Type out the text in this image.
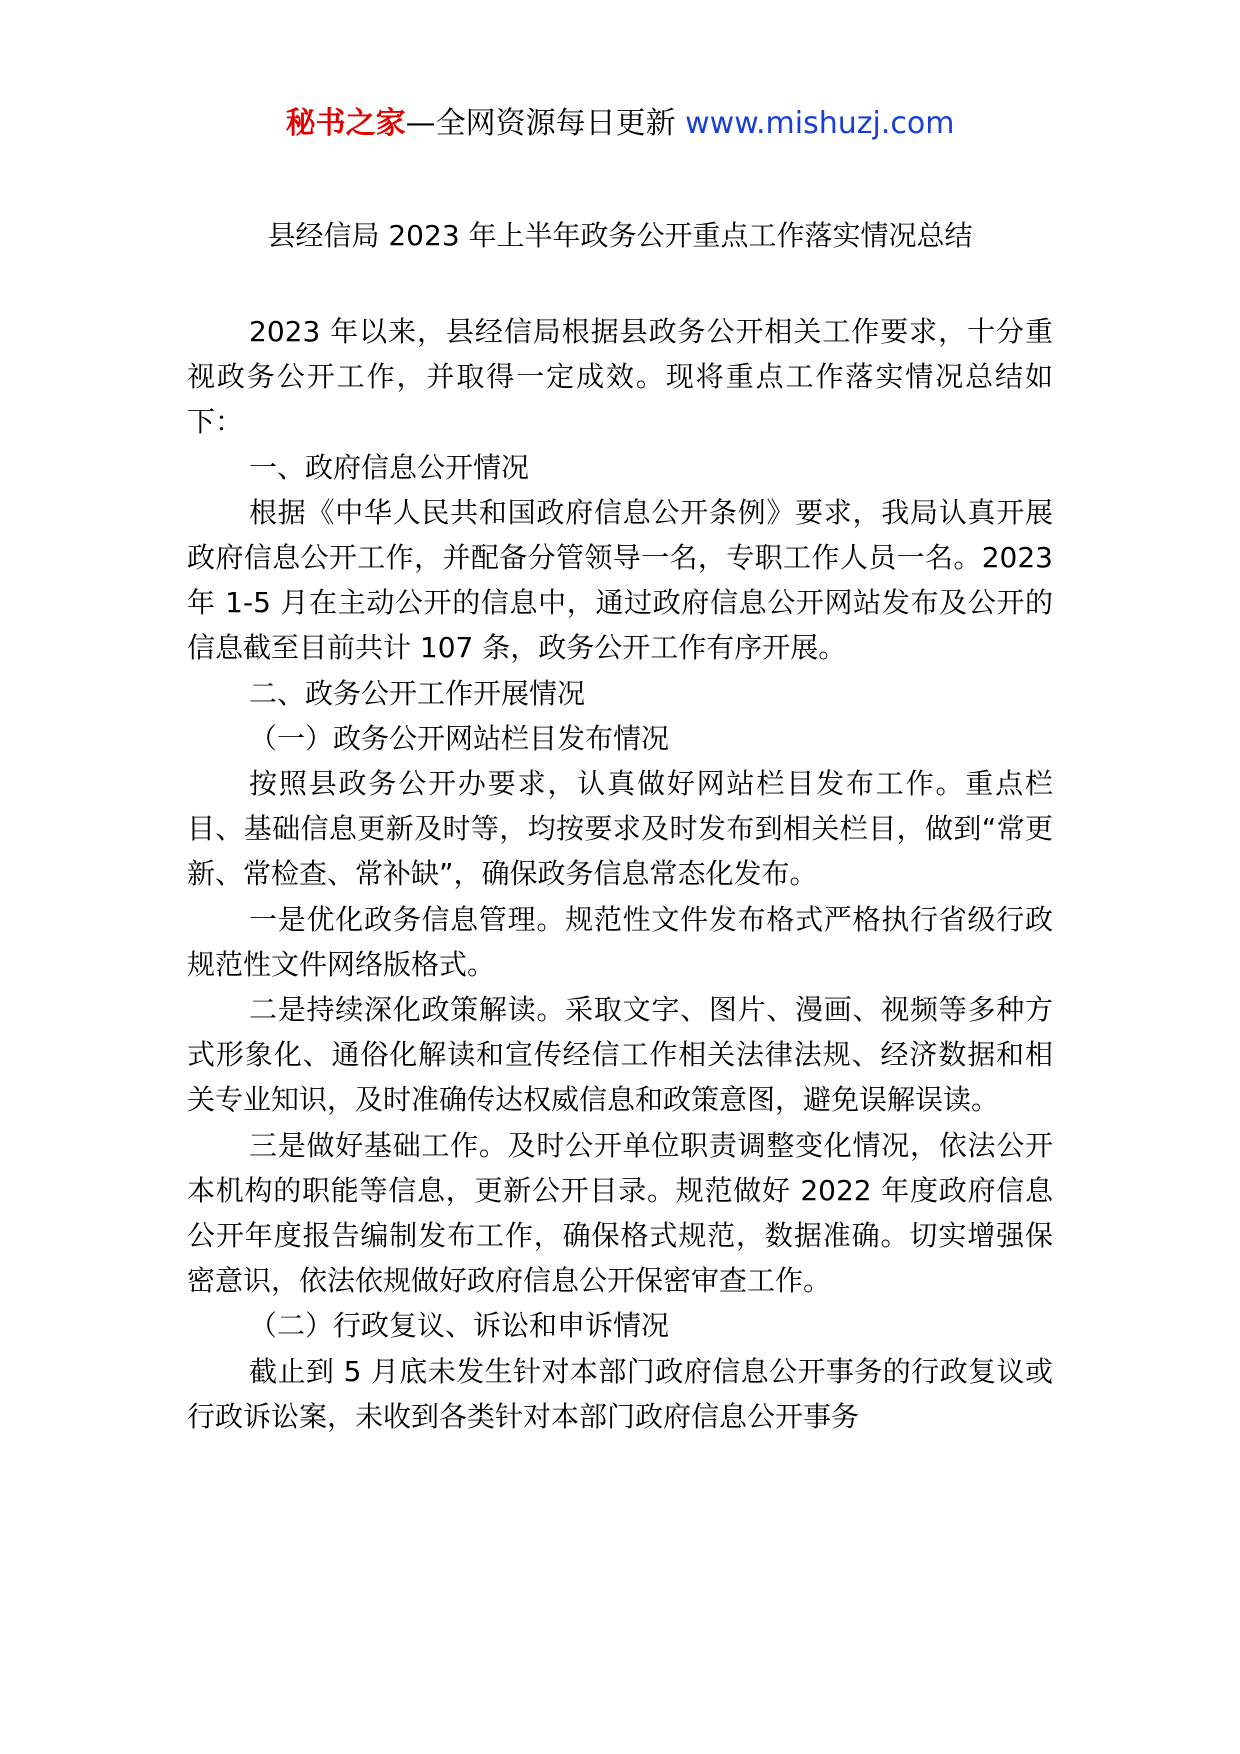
秘书之家—全网资源每日更新 www.mishuzj.com
县经信局 2023 年上半年政务公开重点工作落实情况总结

2023 年以来，县经信局根据县政务公开相关工作要求，十分重视政务公开工作，并取得一定成效。现将重点工作落实情况总结如下：

一、政府信息公开情况

根据《中华人民共和国政府信息公开条例》要求，我局认真开展政府信息公开工作，并配备分管领导一名，专职工作人员一名。2023 年 1-5 月在主动公开的信息中，通过政府信息公开网站发布及公开的信息截至目前共计 107 条，政务公开工作有序开展。

二、政务公开工作开展情况

（一）政务公开网站栏目发布情况

按照县政务公开办要求，认真做好网站栏目发布工作。重点栏目、基础信息更新及时等，均按要求及时发布到相关栏目，做到“常更新、常检查、常补缺”，确保政务信息常态化发布。

一是优化政务信息管理。规范性文件发布格式严格执行省级行政规范性文件网络版格式。

二是持续深化政策解读。采取文字、图片、漫画、视频等多种方式形象化、通俗化解读和宣传经信工作相关法律法规、经济数据和相关专业知识，及时准确传达权威信息和政策意图，避免误解误读。

三是做好基础工作。及时公开单位职责调整变化情况，依法公开本机构的职能等信息，更新公开目录。规范做好 2022 年度政府信息公开年度报告编制发布工作，确保格式规范，数据准确。切实增强保密意识，依法依规做好政府信息公开保密审查工作。

（二）行政复议、诉讼和申诉情况

截止到 5 月底未发生针对本部门政府信息公开事务的行政复议或行政诉讼案，未收到各类针对本部门政府信息公开事务
